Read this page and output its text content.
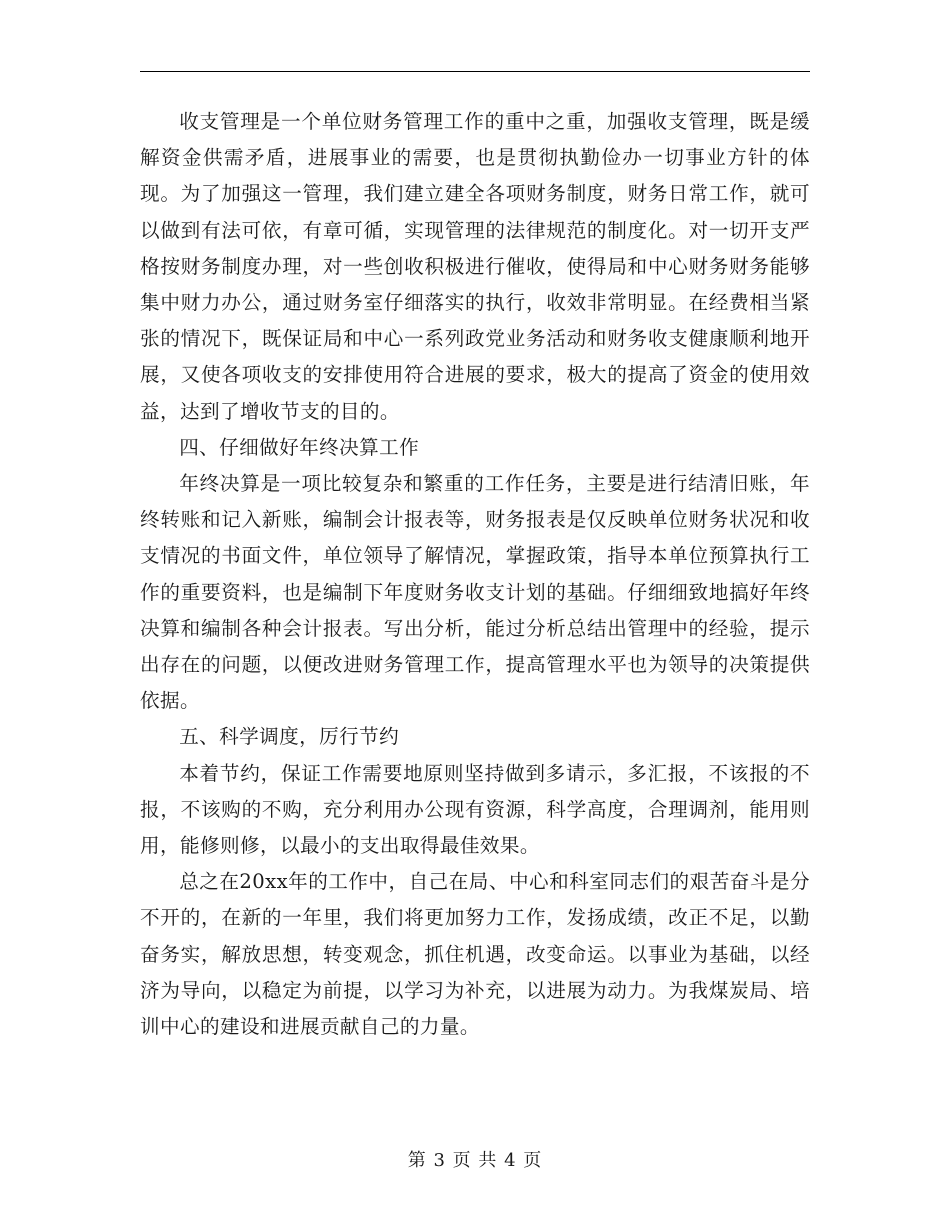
收支管理是一个单位财务管理工作的重中之重，加强收支管理，既是缓解资金供需矛盾，进展事业的需要，也是贯彻执勤俭办一切事业方针的体现。为了加强这一管理，我们建立建全各项财务制度，财务日常工作，就可以做到有法可依，有章可循，实现管理的法律规范的制度化。对一切开支严格按财务制度办理，对一些创收积极进行催收，使得局和中心财务财务能够集中财力办公，通过财务室仔细落实的执行，收效非常明显。在经费相当紧张的情况下，既保证局和中心一系列政党业务活动和财务收支健康顺利地开展，又使各项收支的安排使用符合进展的要求，极大的提高了资金的使用效益，达到了增收节支的目的。

四、仔细做好年终决算工作

年终决算是一项比较复杂和繁重的工作任务，主要是进行结清旧账，年终转账和记入新账，编制会计报表等，财务报表是仅反映单位财务状况和收支情况的书面文件，单位领导了解情况，掌握政策，指导本单位预算执行工作的重要资料，也是编制下年度财务收支计划的基础。仔细细致地搞好年终决算和编制各种会计报表。写出分析，能过分析总结出管理中的经验，提示出存在的问题，以便改进财务管理工作，提高管理水平也为领导的决策提供依据。

五、科学调度，厉行节约

本着节约，保证工作需要地原则坚持做到多请示，多汇报，不该报的不报，不该购的不购，充分利用办公现有资源，科学高度，合理调剂，能用则用，能修则修，以最小的支出取得最佳效果。

总之在20xx年的工作中，自己在局、中心和科室同志们的艰苦奋斗是分不开的，在新的一年里，我们将更加努力工作，发扬成绩，改正不足，以勤奋务实，解放思想，转变观念，抓住机遇，改变命运。以事业为基础，以经济为导向，以稳定为前提，以学习为补充，以进展为动力。为我煤炭局、培训中心的建设和进展贡献自己的力量。

第 3 页 共 4 页
